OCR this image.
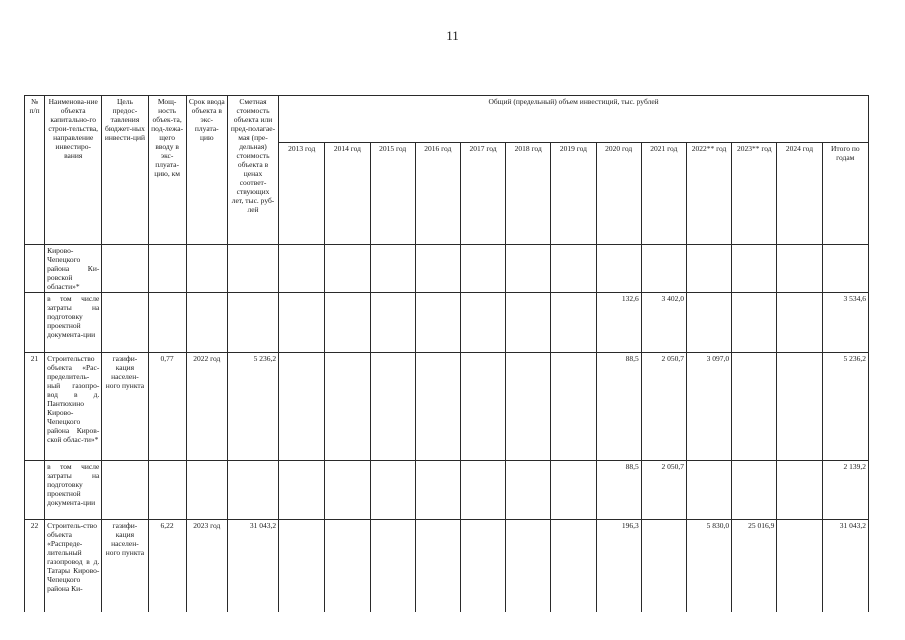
11
№ п/п	Наименова-ние объекта капитально-го строи-тельства, направление инвестиро-вания	Цель предос-тавления бюджет-ных инвести-ций	Мощ-ность объек-та, под-лежа-щего вводу в экс-плуата-цию, км	Срок ввода объекта в экс-плуата-цию	Сметная стоимость объекта или пред-полагае-мая (пре-дельная) стоимость объекта в ценах соответ-ствующих лет, тыс. руб-лей	Общий (предельный) объем инвестиций, тыс. рублей												
						2013 год	2014 год	2015 год	2016 год	2017 год	2018 год	2019 год	2020 год	2021 год	2022** год	2023** год	2024 год	Итого по годам
	Кирово-Чепецкого района Ки-ровской области»*																	
	в том числе затраты на подготовку проектной документа-ции												132,6	3 402,0				3 534,6
21	Строительство объекта «Рас-пределитель-ный газопро-вод в д. Пантюхино Кирово-Чепецкого района Киров-ской облас-ти»*	газифи-кация населен-ного пункта	0,77	2022 год	5 236,2								88,5	2 050,7	3 097,0			5 236,2
	в том числе затраты на подготовку проектной документа-ции												88,5	2 050,7				2 139,2
22	Строитель-ство объекта «Распреде-лительный газопровод в д. Татары Кирово-Чепецкого района Ки-	газифи-кация населен-ного пункта	6,22	2023 год	31 043,2								196,3		5 830,0	25 016,9		31 043,2
